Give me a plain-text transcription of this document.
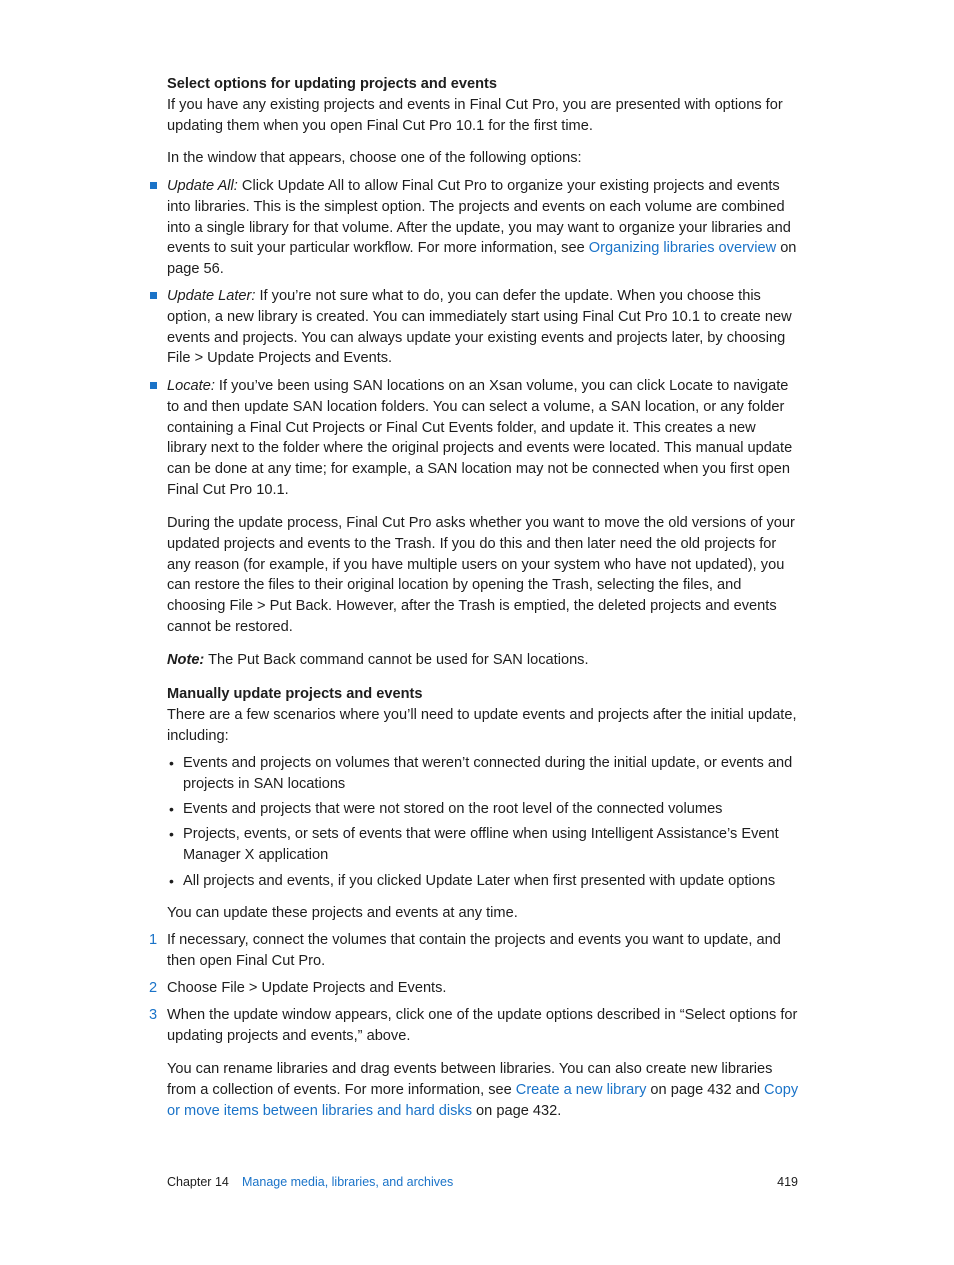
Select options for updating projects and events

If you have any existing projects and events in Final Cut Pro, you are presented with options for updating them when you open Final Cut Pro 10.1 for the first time.

In the window that appears, choose one of the following options:

Update All: Click Update All to allow Final Cut Pro to organize your existing projects and events into libraries. This is the simplest option. The projects and events on each volume are combined into a single library for that volume. After the update, you may want to organize your libraries and events to suit your particular workflow. For more information, see Organizing libraries overview on page 56.

Update Later: If you’re not sure what to do, you can defer the update. When you choose this option, a new library is created. You can immediately start using Final Cut Pro 10.1 to create new events and projects. You can always update your existing events and projects later, by choosing File > Update Projects and Events.

Locate: If you’ve been using SAN locations on an Xsan volume, you can click Locate to navigate to and then update SAN location folders. You can select a volume, a SAN location, or any folder containing a Final Cut Projects or Final Cut Events folder, and update it. This creates a new library next to the folder where the original projects and events were located. This manual update can be done at any time; for example, a SAN location may not be connected when you first open Final Cut Pro 10.1.

During the update process, Final Cut Pro asks whether you want to move the old versions of your updated projects and events to the Trash. If you do this and then later need the old projects for any reason (for example, if you have multiple users on your system who have not updated), you can restore the files to their original location by opening the Trash, selecting the files, and choosing File > Put Back. However, after the Trash is emptied, the deleted projects and events cannot be restored.

Note: The Put Back command cannot be used for SAN locations.

Manually update projects and events

There are a few scenarios where you’ll need to update events and projects after the initial update, including:

• Events and projects on volumes that weren’t connected during the initial update, or events and projects in SAN locations

• Events and projects that were not stored on the root level of the connected volumes

• Projects, events, or sets of events that were offline when using Intelligent Assistance’s Event Manager X application

• All projects and events, if you clicked Update Later when first presented with update options

You can update these projects and events at any time.

1 If necessary, connect the volumes that contain the projects and events you want to update, and then open Final Cut Pro.

2 Choose File > Update Projects and Events.

3 When the update window appears, click one of the update options described in “Select options for updating projects and events,” above.

You can rename libraries and drag events between libraries. You can also create new libraries from a collection of events. For more information, see Create a new library on page 432 and Copy or move items between libraries and hard disks on page 432.

Chapter 14 Manage media, libraries, and archives	419
